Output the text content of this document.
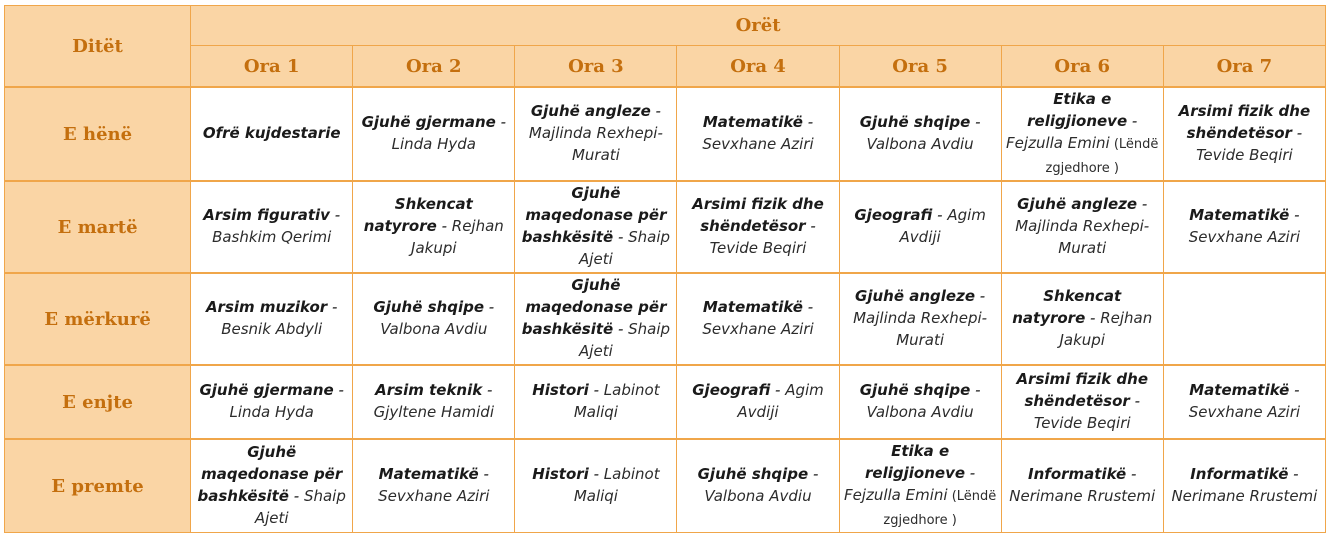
Ditët	Orët						
	Ora 1	Ora 2	Ora 3	Ora 4	Ora 5	Ora 6	Ora 7
E hënë	Ofrë kujdestarie	Gjuhë gjermane - Linda Hyda	Gjuhë angleze - Majlinda Rexhepi-Murati	Matematikë - Sevxhane Aziri	Gjuhë shqipe - Valbona Avdiu	Etika e religjioneve - Fejzulla Emini (Lëndë zgjedhore )	Arsimi fizik dhe shëndetësor - Tevide Beqiri
E martë	Arsim figurativ - Bashkim Qerimi	Shkencat natyrore - Rejhan Jakupi	Gjuhë maqedonase për bashkësitë - Shaip Ajeti	Arsimi fizik dhe shëndetësor - Tevide Beqiri	Gjeografi - Agim Avdiji	Gjuhë angleze - Majlinda Rexhepi-Murati	Matematikë - Sevxhane Aziri
E mërkurë	Arsim muzikor - Besnik Abdyli	Gjuhë shqipe - Valbona Avdiu	Gjuhë maqedonase për bashkësitë - Shaip Ajeti	Matematikë - Sevxhane Aziri	Gjuhë angleze - Majlinda Rexhepi-Murati	Shkencat natyrore - Rejhan Jakupi	
E enjte	Gjuhë gjermane - Linda Hyda	Arsim teknik - Gjyltene Hamidi	Histori - Labinot Maliqi	Gjeografi - Agim Avdiji	Gjuhë shqipe - Valbona Avdiu	Arsimi fizik dhe shëndetësor - Tevide Beqiri	Matematikë - Sevxhane Aziri
E premte	Gjuhë maqedonase për bashkësitë - Shaip Ajeti	Matematikë - Sevxhane Aziri	Histori - Labinot Maliqi	Gjuhë shqipe - Valbona Avdiu	Etika e religjioneve - Fejzulla Emini (Lëndë zgjedhore )	Informatikë - Nerimane Rrustemi	Informatikë - Nerimane Rrustemi
